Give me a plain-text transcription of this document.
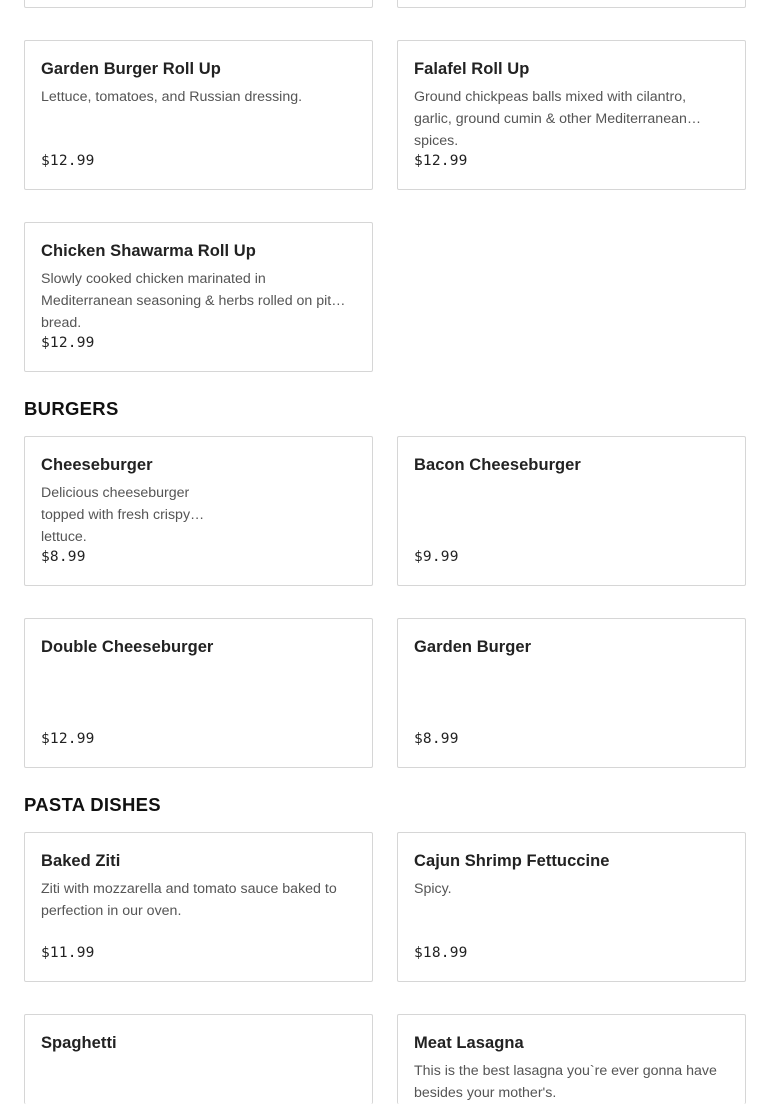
Garden Burger Roll Up
Lettuce, tomatoes, and Russian dressing.
$12.99
Falafel Roll Up
Ground chickpeas balls mixed with cilantro, garlic, ground cumin & other Mediterranean spices.
$12.99
Chicken Shawarma Roll Up
Slowly cooked chicken marinated in Mediterranean seasoning & herbs rolled on pita bread.
$12.99
BURGERS
Cheeseburger
Delicious cheeseburger topped with fresh crispy lettuce.
$8.99
Bacon Cheeseburger
$9.99
Double Cheeseburger
$12.99
Garden Burger
$8.99
PASTA DISHES
Baked Ziti
Ziti with mozzarella and tomato sauce baked to perfection in our oven.
$11.99
Cajun Shrimp Fettuccine
Spicy.
$18.99
Spaghetti	Meat Lasagna
This is the best lasagna you`re ever gonna have besides your mother's.
